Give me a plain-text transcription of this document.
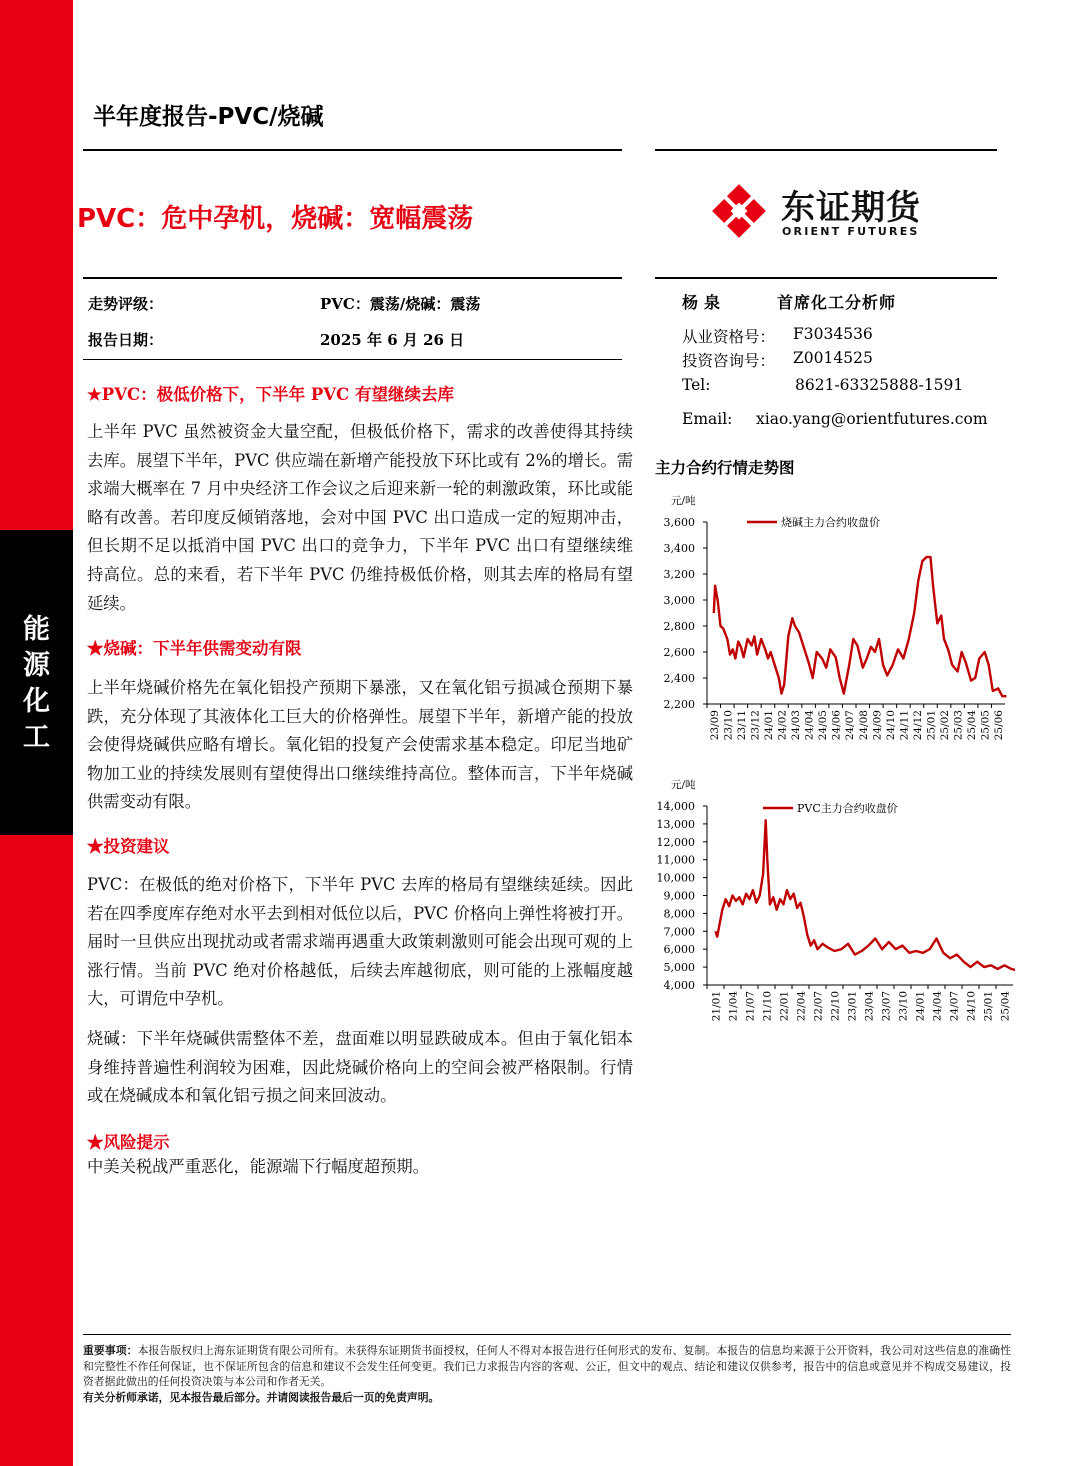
能
源
化
工
半年度报告-PVC/烧碱
PVC：危中孕机，烧碱：宽幅震荡	东证期货
ORIENT FUTURES
走势评级：	PVC：震荡/烧碱：震荡
报告日期：	2025 年 6 月 26 日
杨泉	首席化工分析师
从业资格号： F3034536
投资咨询号： Z0014525
Tel:	8621-63325888-1591
Email: xiao.yang@orientfutures.com
★PVC：极低价格下，下半年 PVC 有望继续去库
上半年 PVC 虽然被资金大量空配，但极低价格下，需求的改善使得其持续去库。展望下半年，PVC 供应端在新增产能投放下环比或有 2%的增长。需求端大概率在 7 月中央经济工作会议之后迎来新一轮的刺激政策，环比或能略有改善。若印度反倾销落地，会对中国 PVC 出口造成一定的短期冲击，但长期不足以抵消中国 PVC 出口的竞争力，下半年 PVC 出口有望继续维持高位。总的来看，若下半年 PVC 仍维持极低价格，则其去库的格局有望延续。
★烧碱：下半年供需变动有限
上半年烧碱价格先在氧化铝投产预期下暴涨，又在氧化铝亏损减仓预期下暴跌，充分体现了其液体化工巨大的价格弹性。展望下半年，新增产能的投放会使得烧碱供应略有增长。氧化铝的投复产会使需求基本稳定。印尼当地矿物加工业的持续发展则有望使得出口继续维持高位。整体而言，下半年烧碱供需变动有限。
★投资建议
PVC：在极低的绝对价格下，下半年 PVC 去库的格局有望继续延续。因此若在四季度库存绝对水平去到相对低位以后，PVC 价格向上弹性将被打开。届时一旦供应出现扰动或者需求端再遇重大政策刺激则可能会出现可观的上涨行情。当前 PVC 绝对价格越低，后续去库越彻底，则可能的上涨幅度越大，可谓危中孕机。
烧碱：下半年烧碱供需整体不差，盘面难以明显跌破成本。但由于氧化铝本身维持普遍性利润较为困难，因此烧碱价格向上的空间会被严格限制。行情或在烧碱成本和氧化铝亏损之间来回波动。
★风险提示
中美关税战严重恶化，能源端下行幅度超预期。
主力合约行情走势图
元/吨
2,200
2,400
2,600
2,800
3,000
3,200
3,400
3,600
23/09 23/10 23/11 23/12 24/01 24/02 24/03 24/04 24/05 24/06 24/07 24/08 24/09 24/10 24/11 24/12 25/01 25/02 25/03 25/04 25/05 25/06
烧碱主力合约收盘价
元/吨
4,000
5,000
6,000
7,000
8,000
9,000
10,000
11,000
12,000
13,000
14,000
21/01 21/04 21/07 21/10 22/01 22/04 22/07 22/10 23/01 23/04 23/07 23/10 24/01 24/04 24/07 24/10 25/01 25/04
PVC主力合约收盘价
重要事项：本报告版权归上海东证期货有限公司所有。未获得东证期货书面授权，任何人不得对本报告进行任何形式的发布、复制。本报告的信息均来源于公开资料，我公司对这些信息的准确性和完整性不作任何保证，也不保证所包含的信息和建议不会发生任何变更。我们已力求报告内容的客观、公正，但文中的观点、结论和建议仅供参考，报告中的信息或意见并不构成交易建议，投资者据此做出的任何投资决策与本公司和作者无关。
有关分析师承诺，见本报告最后部分。并请阅读报告最后一页的免责声明。
